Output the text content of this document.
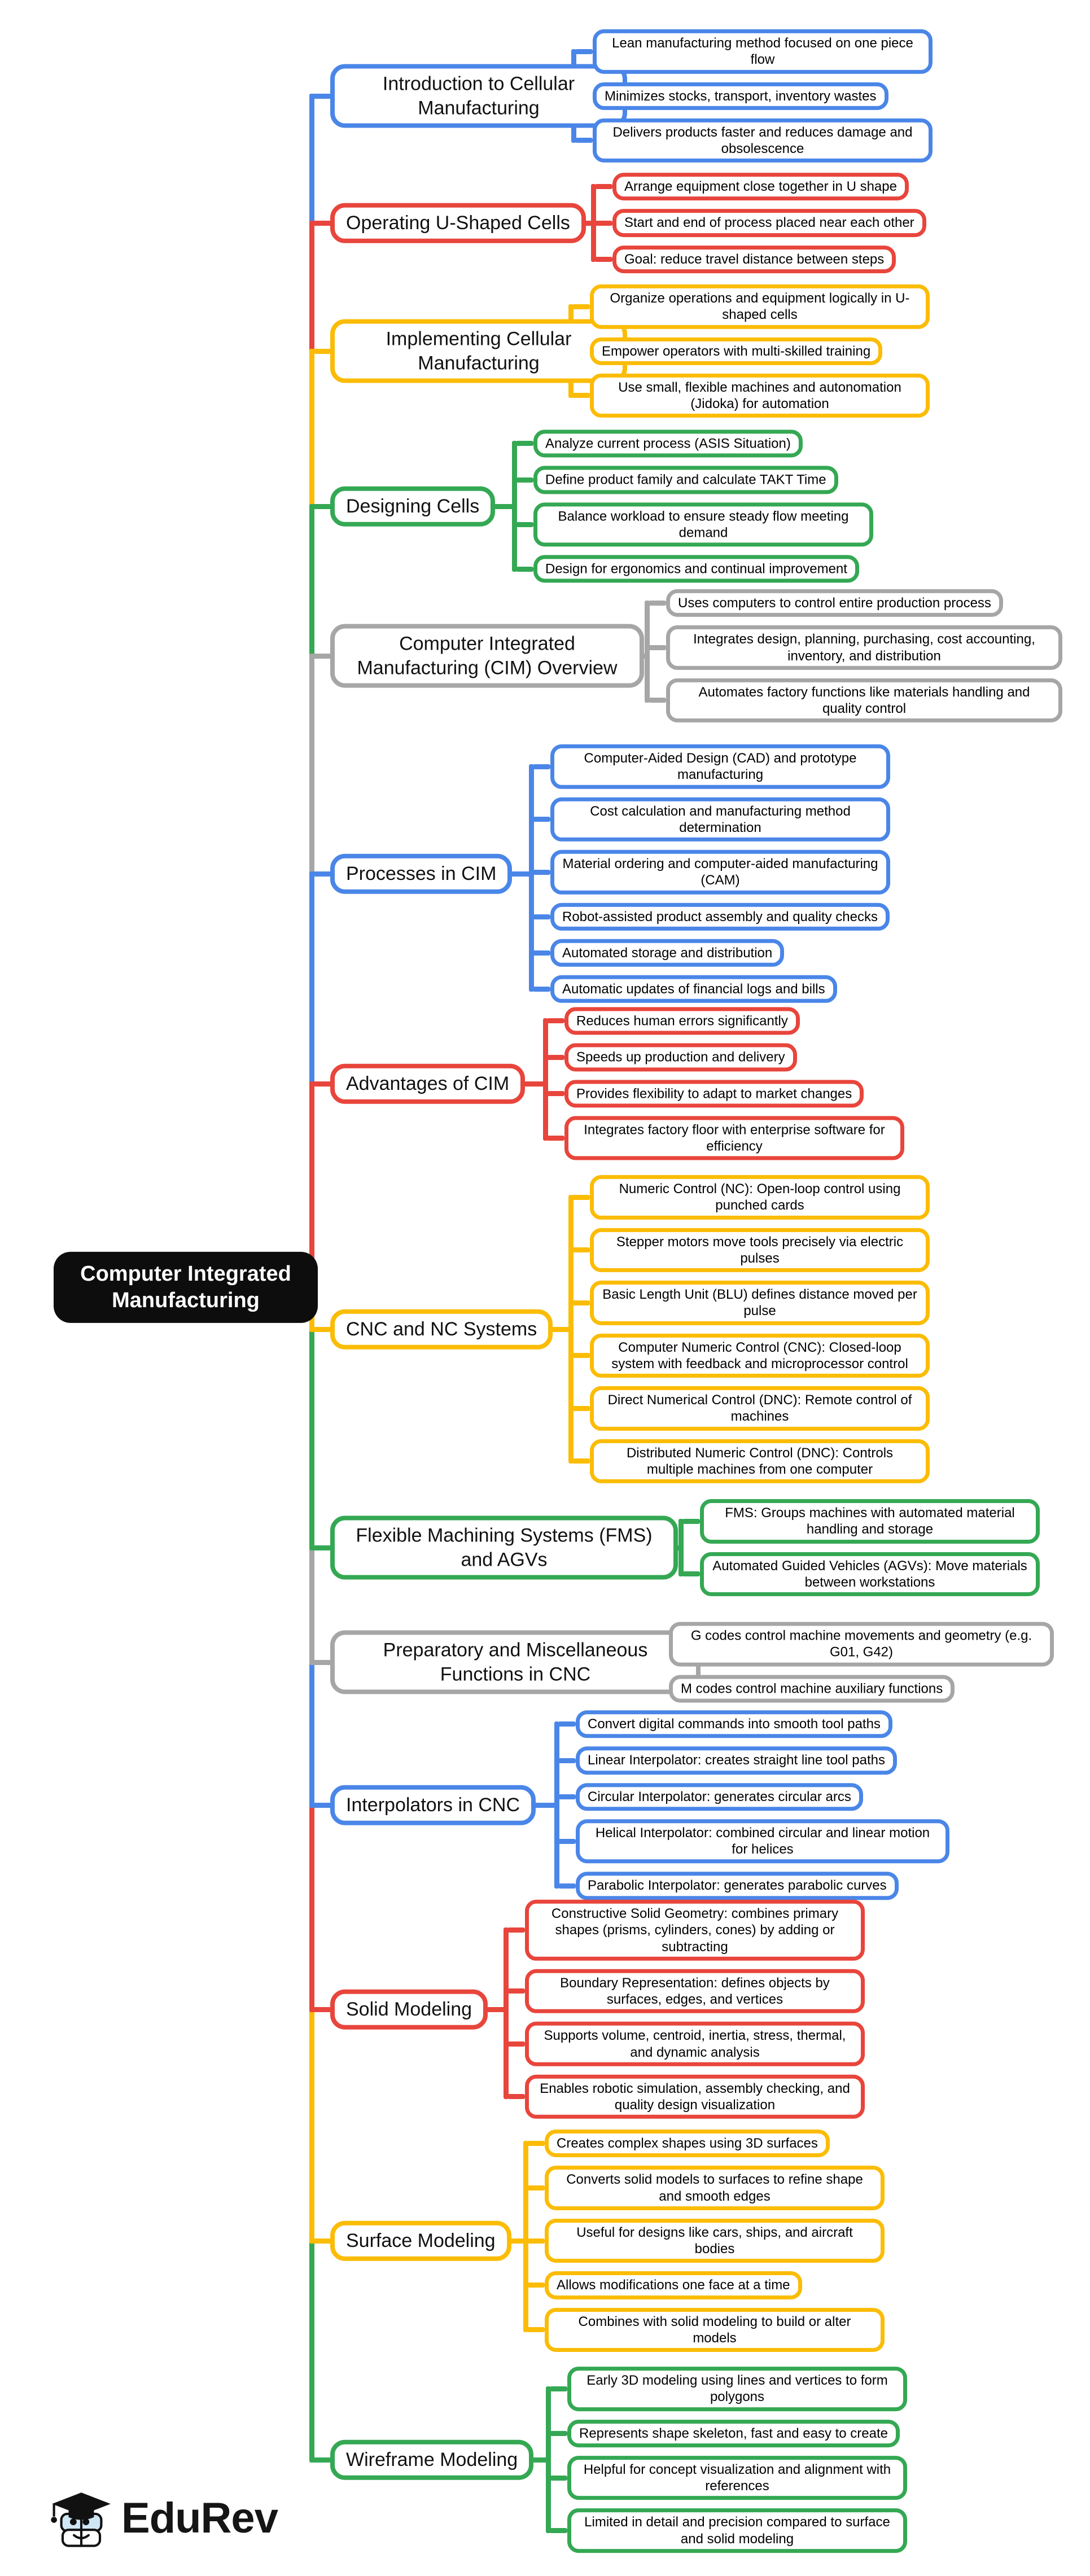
Computer Integrated Manufacturing
EduRev
Introduction to Cellular Manufacturing
Lean manufacturing method focused on one piece flow
Minimizes stocks, transport, inventory wastes
Delivers products faster and reduces damage and obsolescence
Operating U-Shaped Cells
Arrange equipment close together in U shape
Start and end of process placed near each other
Goal: reduce travel distance between steps
Implementing Cellular Manufacturing
Organize operations and equipment logically in U-shaped cells
Empower operators with multi-skilled training
Use small, flexible machines and autonomation (Jidoka) for automation
Designing Cells
Analyze current process (ASIS Situation)
Define product family and calculate TAKT Time
Balance workload to ensure steady flow meeting demand
Design for ergonomics and continual improvement
Computer Integrated Manufacturing (CIM) Overview
Uses computers to control entire production process
Integrates design, planning, purchasing, cost accounting, inventory, and distribution
Automates factory functions like materials handling and quality control
Processes in CIM
Computer-Aided Design (CAD) and prototype manufacturing
Cost calculation and manufacturing method determination
Material ordering and computer-aided manufacturing (CAM)
Robot-assisted product assembly and quality checks
Automated storage and distribution
Automatic updates of financial logs and bills
Advantages of CIM
Reduces human errors significantly
Speeds up production and delivery
Provides flexibility to adapt to market changes
Integrates factory floor with enterprise software for efficiency
CNC and NC Systems
Numeric Control (NC): Open-loop control using punched cards
Stepper motors move tools precisely via electric pulses
Basic Length Unit (BLU) defines distance moved per pulse
Computer Numeric Control (CNC): Closed-loop system with feedback and microprocessor control
Direct Numerical Control (DNC): Remote control of machines
Distributed Numeric Control (DNC): Controls multiple machines from one computer
Flexible Machining Systems (FMS) and AGVs
FMS: Groups machines with automated material handling and storage
Automated Guided Vehicles (AGVs): Move materials between workstations
Preparatory and Miscellaneous Functions in CNC
G codes control machine movements and geometry (e.g. G01, G42)
M codes control machine auxiliary functions
Interpolators in CNC
Convert digital commands into smooth tool paths
Linear Interpolator: creates straight line tool paths
Circular Interpolator: generates circular arcs
Helical Interpolator: combined circular and linear motion for helices
Parabolic Interpolator: generates parabolic curves
Solid Modeling
Constructive Solid Geometry: combines primary shapes (prisms, cylinders, cones) by adding or subtracting
Boundary Representation: defines objects by surfaces, edges, and vertices
Supports volume, centroid, inertia, stress, thermal, and dynamic analysis
Enables robotic simulation, assembly checking, and quality design visualization
Surface Modeling
Creates complex shapes using 3D surfaces
Converts solid models to surfaces to refine shape and smooth edges
Useful for designs like cars, ships, and aircraft bodies
Allows modifications one face at a time
Combines with solid modeling to build or alter models
Wireframe Modeling
Early 3D modeling using lines and vertices to form polygons
Represents shape skeleton, fast and easy to create
Helpful for concept visualization and alignment with references
Limited in detail and precision compared to surface and solid modeling
